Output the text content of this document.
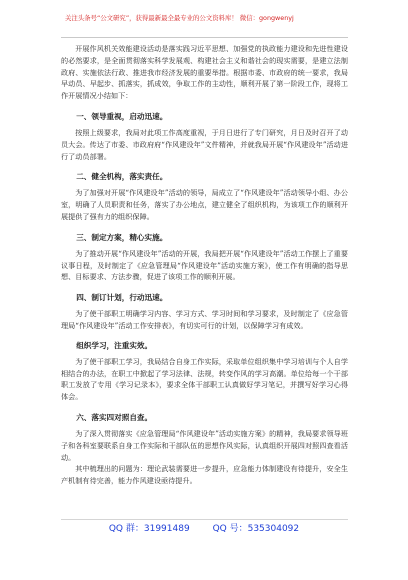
关注头条号“公文研究”，获得最新最全最专业的公文资料库！ 微信：gongwenyj

开展作风机关效能建设活动是落实践习近平思想、加强党的执政能力建设和先进性建设的必然要求，是全面贯彻落实科学发展观、构建社会主义和谐社会的现实需要，是建立法制政府、实施依法行政、推进我市经济发展的重要举措。根据市委、市政府的统一要求，我局早动员、早起步、抓落实，抓成效，争取工作的主动性，顺利开展了第一阶段工作，现将工作开展情况小结如下：

一、领导重视，启动迅速。

按照上级要求，我局对此项工作高度重视，于月日进行了专门研究，月日及时召开了动员大会。传达了市委、市政府府“作风建设年”文件精神，并就我局开展“作风建设年”活动进行了动员部署。

二、健全机构，落实责任。

为了加强对开展“作风建设年”活动的领导，局成立了“作风建设年”活动领导小组、办公室，明确了人员职责和任务，落实了办公地点，建立健全了组织机构，为该项工作的顺利开展提供了强有力的组织保障。

三、制定方案，精心实施。

为了推动开展“作风建设年”活动的开展，我局把开展“作风建设年”活动工作摆上了重要议事日程，及时制定了《应急管理局“作风建设年”活动实施方案》，使工作有明确的指导思想、目标要求、方法步骤，促进了该项工作的顺利开展。

四、制订计划，行动迅速。

为了使干部职工明确学习内容、学习方式、学习时间和学习要求，及时制定了《应急管理局“作风建设年”活动工作安排表》，有切实可行的计划，以保障学习有成效。

组织学习，注重实效。

为了使干部职工学习，我局结合自身工作实际，采取单位组织集中学习培训与个人自学相结合的办法，在职工中掀起了学习法律、法规，转变作风的学习高潮。单位给每一个干部职工发放了专用《学习记录本》，要求全体干部职工认真做好学习笔记，并撰写好学习心得体会。

六、落实四对照自查。

为了深入贯彻落实《应急管理局“作风建设年”活动实施方案》的精神，我局要求领导班子和各科室要联系自身工作实际和干部队伍的思想作风实际，认真组织开展四对照四查看活动。

其中梳理出的问题为：理论武装需要进一步提升，应急能力体制建设有待提升，安全生产机制有待完善，能力作风建设亟待提升。

QQ 群：31991489	QQ 号：535304092
